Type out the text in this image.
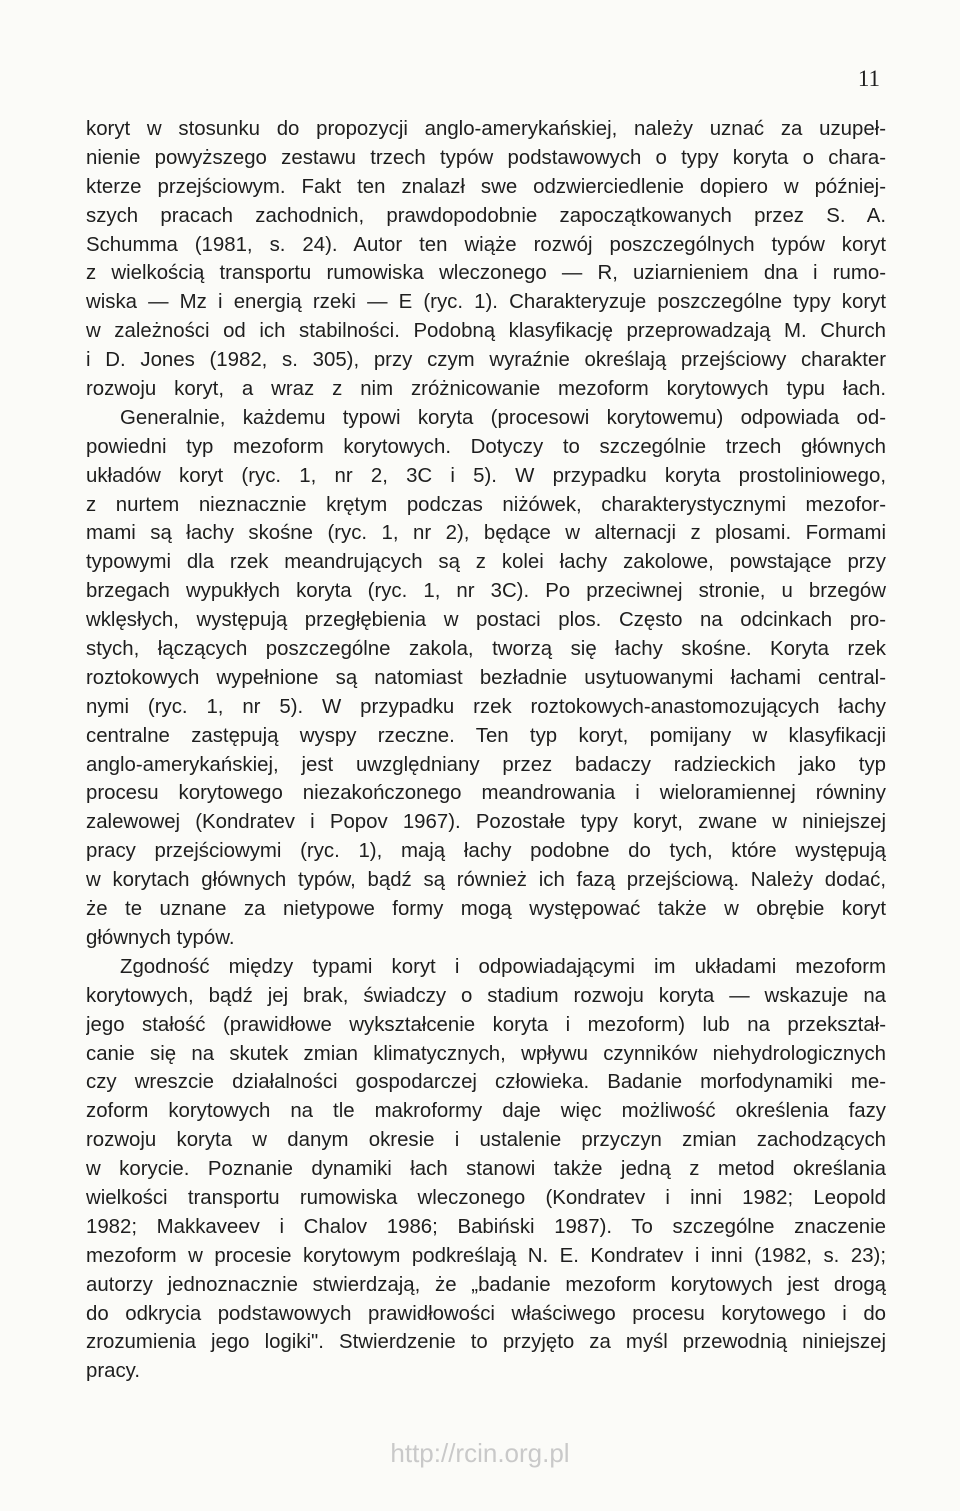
11
koryt w stosunku do propozycji anglo-amerykańskiej, należy uznać za uzupeł-
nienie powyższego zestawu trzech typów podstawowych o typy koryta o chara-
kterze przejściowym. Fakt ten znalazł swe odzwierciedlenie dopiero w później-
szych pracach zachodnich, prawdopodobnie zapoczątkowanych przez S. A.
Schumma (1981, s. 24). Autor ten wiąże rozwój poszczególnych typów koryt
z wielkością transportu rumowiska wleczonego — R, uziarnieniem dna i rumo-
wiska — Mz i energią rzeki — E (ryc. 1). Charakteryzuje poszczególne typy koryt
w zależności od ich stabilności. Podobną klasyfikację przeprowadzają M. Church
i D. Jones (1982, s. 305), przy czym wyraźnie określają przejściowy charakter
rozwoju koryt, a wraz z nim zróżnicowanie mezoform korytowych typu łach.
Generalnie, każdemu typowi koryta (procesowi korytowemu) odpowiada od-
powiedni typ mezoform korytowych. Dotyczy to szczególnie trzech głównych
układów koryt (ryc. 1, nr 2, 3C i 5). W przypadku koryta prostoliniowego,
z nurtem nieznacznie krętym podczas niżówek, charakterystycznymi mezofor-
mami są łachy skośne (ryc. 1, nr 2), będące w alternacji z plosami. Formami
typowymi dla rzek meandrujących są z kolei łachy zakolowe, powstające przy
brzegach wypukłych koryta (ryc. 1, nr 3C). Po przeciwnej stronie, u brzegów
wklęsłych, występują przegłębienia w postaci plos. Często na odcinkach pro-
stych, łączących poszczególne zakola, tworzą się łachy skośne. Koryta rzek
roztokowych wypełnione są natomiast bezładnie usytuowanymi łachami central-
nymi (ryc. 1, nr 5). W przypadku rzek roztokowych-anastomozujących łachy
centralne zastępują wyspy rzeczne. Ten typ koryt, pomijany w klasyfikacji
anglo-amerykańskiej, jest uwzględniany przez badaczy radzieckich jako typ
procesu korytowego niezakończonego meandrowania i wieloramiennej równiny
zalewowej (Kondratev i Popov 1967). Pozostałe typy koryt, zwane w niniejszej
pracy przejściowymi (ryc. 1), mają łachy podobne do tych, które występują
w korytach głównych typów, bądź są również ich fazą przejściową. Należy dodać,
że te uznane za nietypowe formy mogą występować także w obrębie koryt
głównych typów.
Zgodność między typami koryt i odpowiadającymi im układami mezoform
korytowych, bądź jej brak, świadczy o stadium rozwoju koryta — wskazuje na
jego stałość (prawidłowe wykształcenie koryta i mezoform) lub na przekształ-
canie się na skutek zmian klimatycznych, wpływu czynników niehydrologicznych
czy wreszcie działalności gospodarczej człowieka. Badanie morfodynamiki me-
zoform korytowych na tle makroformy daje więc możliwość określenia fazy
rozwoju koryta w danym okresie i ustalenie przyczyn zmian zachodzących
w korycie. Poznanie dynamiki łach stanowi także jedną z metod określania
wielkości transportu rumowiska wleczonego (Kondratev i inni 1982; Leopold
1982; Makkaveev i Chalov 1986; Babiński 1987). To szczególne znaczenie
mezoform w procesie korytowym podkreślają N. E. Kondratev i inni (1982, s. 23);
autorzy jednoznacznie stwierdzają, że „badanie mezoform korytowych jest drogą
do odkrycia podstawowych prawidłowości właściwego procesu korytowego i do
zrozumienia jego logiki". Stwierdzenie to przyjęto za myśl przewodnią niniejszej
pracy.
http://rcin.org.pl
